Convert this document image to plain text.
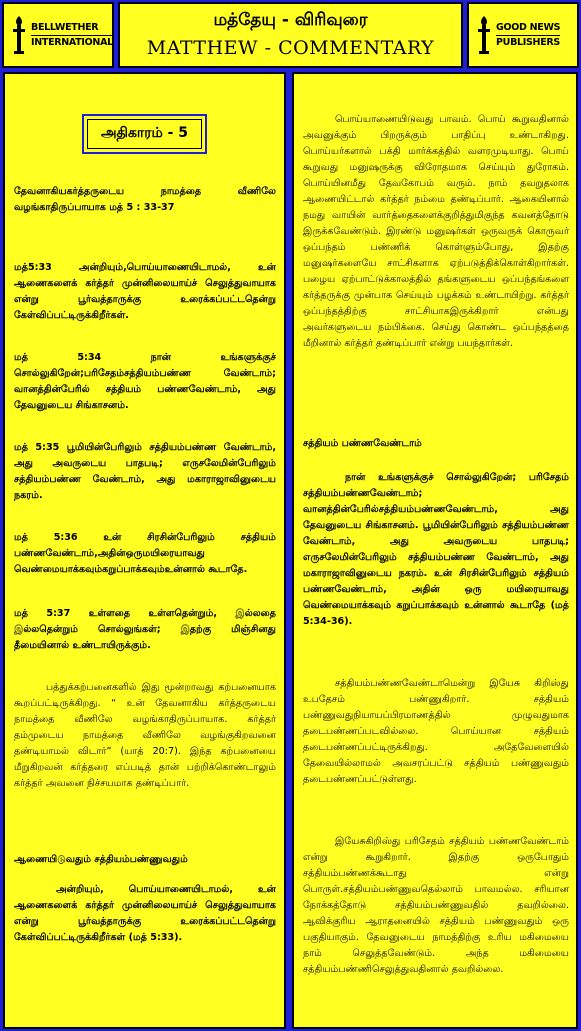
BELLWETHER
INTERNATIONAL
மத்தேயு - விரிவுரை
MATTHEW - COMMENTARY
GOOD NEWS
PUBLISHERS
அதிகாரம் - 5
தேவனாகியகர்த்தருடைய நாமத்தை வீணிலே வழங்காதிருப்பாயாக மத் 5 : 33-37
மத்5:33 அன்றியும்,பொய்யாணையிடாமல், உன் ஆணைகளைக் கர்த்தர் முன்னிலையாய்ச் செலுத்துவாயாக என்று பூர்வத்தாருக்கு உரைக்கப்பட்டதென்று கேள்விப்பட்டிருக்கிறீர்கள்.
மத் 5:34 நான் உங்களுக்குச் சொல்லுகிறேன்;பரிசேதம்சத்தியம்பண்ண வேண்டாம்; வானத்தின்பேரில் சத்தியம் பண்ணவேண்டாம், அது தேவனுடைய சிங்காசனம்.
மத் 5:35 பூமியின்பேரிலும் சத்தியம்பண்ண வேண்டாம், அது அவருடைய பாதபடி; எருசலேமின்பேரிலும் சத்தியம்பண்ண வேண்டாம், அது மகாராஜாவினுடைய நகரம்.
மத் 5:36 உன் சிரசின்பேரிலும் சத்தியம் பண்ணவேண்டாம்,அதின்ஒருமயிரையாவது வெண்மையாக்கவும்கறுப்பாக்கவும்உன்னால் கூடாதே.
மத் 5:37 உள்ளதை உள்ளதென்றும், இல்லதை இல்லதென்றும் சொல்லுங்கள்; இதற்கு மிஞ்சினது தீமையினால் உண்டாயிருக்கும்.
பத்துக்கற்பனைகளில் இது மூன்றாவது கற்பனையாக கூறப்பட்டிருக்கிறது. “ உன் தேவனாகிய கர்த்தருடைய நாமத்தை வீணிலே வழங்காதிருப்பாயாக. கர்த்தர் தம்முடைய நாமத்தை வீணிலே வழங்குகிறவனை தண்டியாமல் விடார்” (யாத் 20:7). இந்த கற்பனையை மீறுகிறவன் கர்த்தரை எப்படித் தான் பற்றிக்கொண்டாலும் கர்த்தர் அவனை நிச்சயமாக தண்டிப்பார்.
ஆணையிடுவதும் சத்தியம்பண்ணுவதும்
அன்றியும், பொய்யாணையிடாமல், உன் ஆணைகளைக் கர்த்தர் முன்னிலையாய்ச் செலுத்துவாயாக என்று பூர்வத்தாருக்கு உரைக்கப்பட்டதென்று கேள்விப்பட்டிருக்கிறீர்கள் (மத் 5:33).
பொய்யாணையிடுவது பாவம். பொய் கூறுவதினால் அவனுக்கும் பிறருக்கும் பாதிப்பு உண்டாகிறது. பொய்யர்களால் பக்தி மார்க்கத்தில் வளரமுடியாது. பொய் கூறுவது மனுஷருக்கு விரோதமாக செய்யும் துரோகம். பொய்யினமீது தேவகோபம் வரும். நாம் தவறுதலாக ஆணையிட்டால் கர்த்தர் நம்மை தண்டிப்பார். ஆகையினால் நமது வாயின் வார்த்தைகளைக்குறித்துமிகுந்த கவனத்தோடு இருக்கவேண்டும். இரண்டு மனுஷர்கள் ஒருவருக் கொருவர் ஒப்பந்தம் பண்ணிக் கொள்ளும்போது, இதற்கு மனுஷர்களையே சாட்சிகளாக ஏற்படுத்திக்கொள்கிறார்கள். பழைய ஏற்பாட்டுக்காலத்தில் தங்களுடைய ஒப்பந்தங்களை கர்த்தருக்கு முன்பாக செய்யும் பழக்கம் உண்டாயிற்று. கர்த்தர் ஒப்பந்தத்திற்கு சாட்சியாகஇருக்கிறார் என்பது அவர்களுடைய நம்பிக்கை. செய்து கொண்ட ஒப்பந்தத்தை மீறினால் கர்த்தர் தண்டிப்பார் என்று பயந்தார்கள்.
சத்தியம் பண்ணவேண்டாம்
நான் உங்களுக்குச் சொல்லுகிறேன்; பரிசேதம் சத்தியம்பண்ணவேண்டாம்; வானத்தின்பேரில்சத்தியம்பண்ணவேண்டாம், அது தேவனுடைய சிங்காசனம். பூமியின்பேரிலும் சத்தியம்பண்ண வேண்டாம், அது அவருடைய பாதபடி; எருசலேமின்பேரிலும் சத்தியம்பண்ண வேண்டாம், அது மகாராஜாவினுடைய நகரம். உன் சிரசின்பேரிலும் சத்தியம் பண்ணவேண்டாம், அதின் ஒரு மயிரையாவது வெண்மையாக்கவும் கறுப்பாக்கவும் உன்னால் கூடாதே (மத் 5:34-36).
சத்தியம்பண்ணவேண்டாமென்று இயேசு கிறிஸ்து உபதேசம் பண்ணுகிறார். சத்தியம் பண்ணுவதுநியாயப்பிரமாணத்தில் முழுவதுமாக தடைபண்ணப்படவில்லை. பொய்யான சத்தியம் தடைபண்ணப்பட்டிருக்கிறது. அதேவேளையில் தேவையில்லாமல் அவசரப்பட்டு சத்தியம் பண்ணுவதும் தடைபண்ணப்பட்டுள்ளது.
இயேசுகிறிஸ்து பரிசேதம் சத்தியம் பண்ணவேண்டாம் என்று கூறுகிறார். இதற்கு ஒருபோதும் சத்தியம்பண்ணக்கூடாது என்று பொருள்.சத்தியம்பண்ணுவதெல்லாம் பாவமல்ல. சரியான நோக்கத்தோடு சத்தியம்பண்ணுவதில் தவறில்லை. ஆவிக்குரிய ஆராதனையில் சத்தியம் பண்ணுவதும் ஒரு பகுதியாகும். தேவனுடைய நாமத்திற்கு உரிய மகிமையை நாம் செலுத்தவேண்டும். அந்த மகிமையை சத்தியம்பண்ணிசெலுத்துவதினால் தவறில்லை.
